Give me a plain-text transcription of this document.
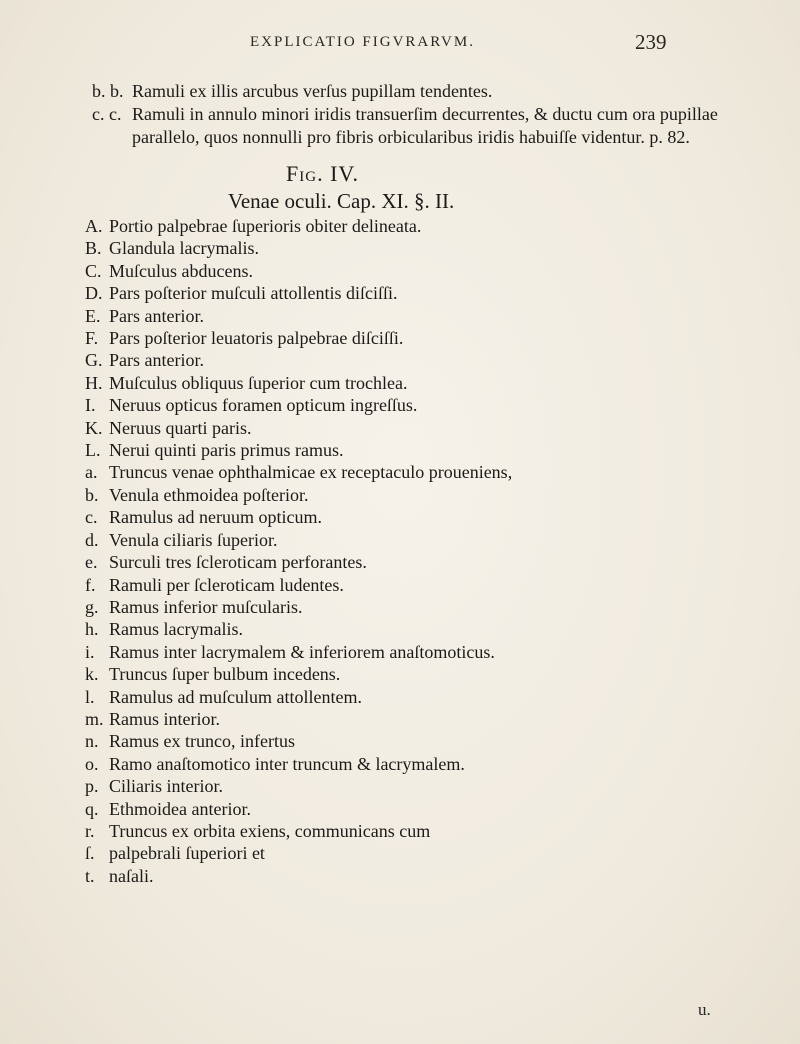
EXPLICATIO FIGVRARVM.	239
b. b. Ramuli ex illis arcubus verſus pupillam tendentes.
c. c. Ramuli in annulo minori iridis transuerſim decurrentes, & ductu cum ora pupillae parallelo, quos nonnulli pro fibris orbicularibus iridis habuiſſe videntur. p. 82.
Fig. IV.
Venae oculi. Cap. XI. §. II.
A. Portio palpebrae ſuperioris obiter delineata.
B. Glandula lacrymalis.
C. Muſculus abducens.
D. Pars poſterior muſculi attollentis diſciſſi.
E. Pars anterior.
F. Pars poſterior leuatoris palpebrae diſciſſi.
G. Pars anterior.
H. Muſculus obliquus ſuperior cum trochlea.
I. Neruus opticus foramen opticum ingreſſus.
K. Neruus quarti paris.
L. Nerui quinti paris primus ramus.
a. Truncus venae ophthalmicae ex receptaculo proueniens,
b. Venula ethmoidea poſterior.
c. Ramulus ad neruum opticum.
d. Venula ciliaris ſuperior.
e. Surculi tres ſcleroticam perforantes.
f. Ramuli per ſcleroticam ludentes.
g. Ramus inferior muſcularis.
h. Ramus lacrymalis.
i. Ramus inter lacrymalem & inferiorem anaſtomoticus.
k. Truncus ſuper bulbum incedens.
l. Ramulus ad muſculum attollentem.
m. Ramus interior.
n. Ramus ex trunco, infertus
o. Ramo anaſtomotico inter truncum & lacrymalem.
p. Ciliaris interior.
q. Ethmoidea anterior.
r. Truncus ex orbita exiens, communicans cum
ſ. palpebrali ſuperiori et
t. naſali.
u.
